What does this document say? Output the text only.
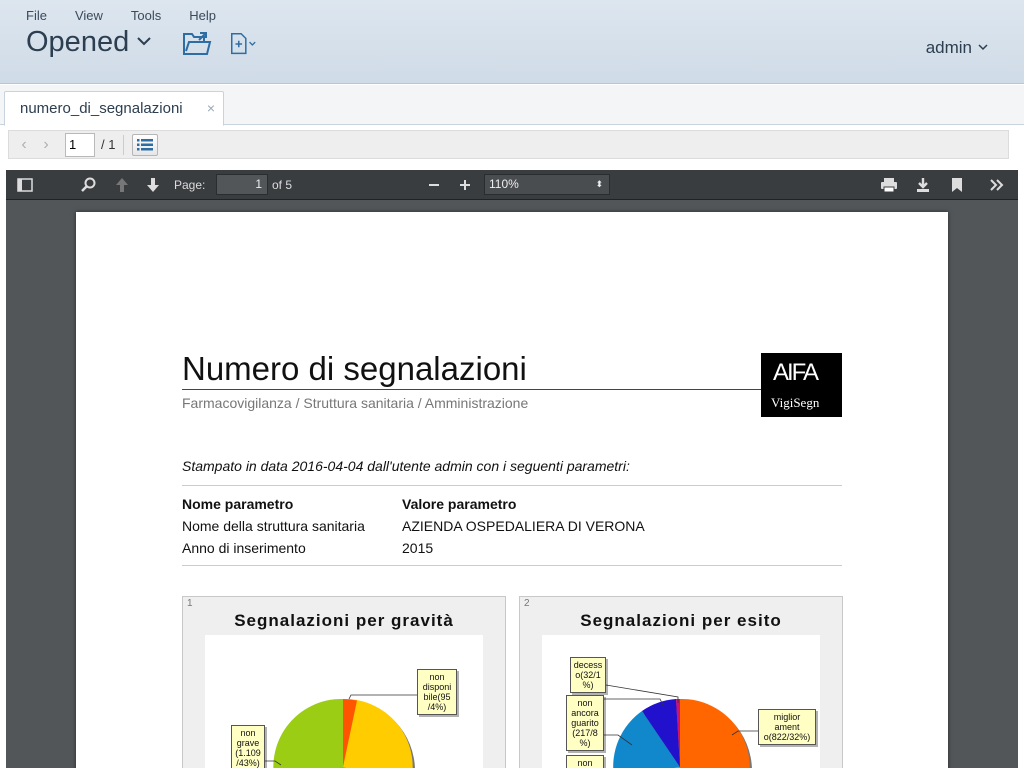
File View Tools Help
Opened	admin
numero_di_segnalazioni ×
‹	›	1	/ 1
Page:	1 of 5	110%	⬍
Numero di segnalazioni
Farmacovigilanza / Struttura sanitaria / Amministrazione
AIFA
VigiSegn
Stampato in data 2016-04-04 dall'utente admin con i seguenti parametri:
Nome parametro	Valore parametro
Nome della struttura sanitaria	AZIENDA OSPEDALIERA DI VERONA
Anno di inserimento	2015
1
Segnalazioni per gravità
non disponi bile(95 /4%)
non grave (1.109 /43%)
2
Segnalazioni per esito
decess o(32/1 %)
non ancora guarito (217/8 %)
miglior ament o(822/32%)
non
